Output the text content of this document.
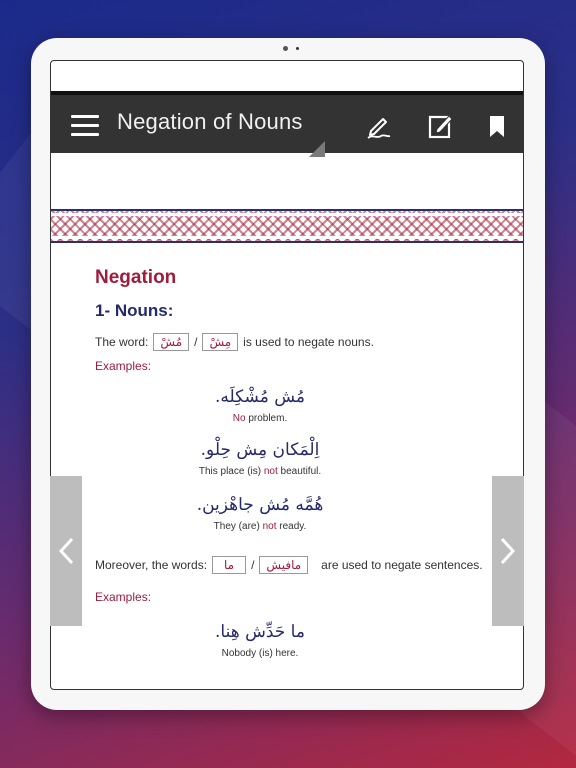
Negation of Nouns
Negation
1- Nouns:
The word:	مُشْ	/	مِشْ	is used to negate nouns.
Examples:
مُش مُشْكِلَه.
No problem.
اِلْمَكان مِش حِلْو.
This place (is) not beautiful.
هُمَّه مُش جاهْزين.
They (are) not ready.
Moreover, the words:	ما	/	مافيش	are used to negate sentences.
Examples:
ما حَدِّش هِنا.
Nobody (is) here.
